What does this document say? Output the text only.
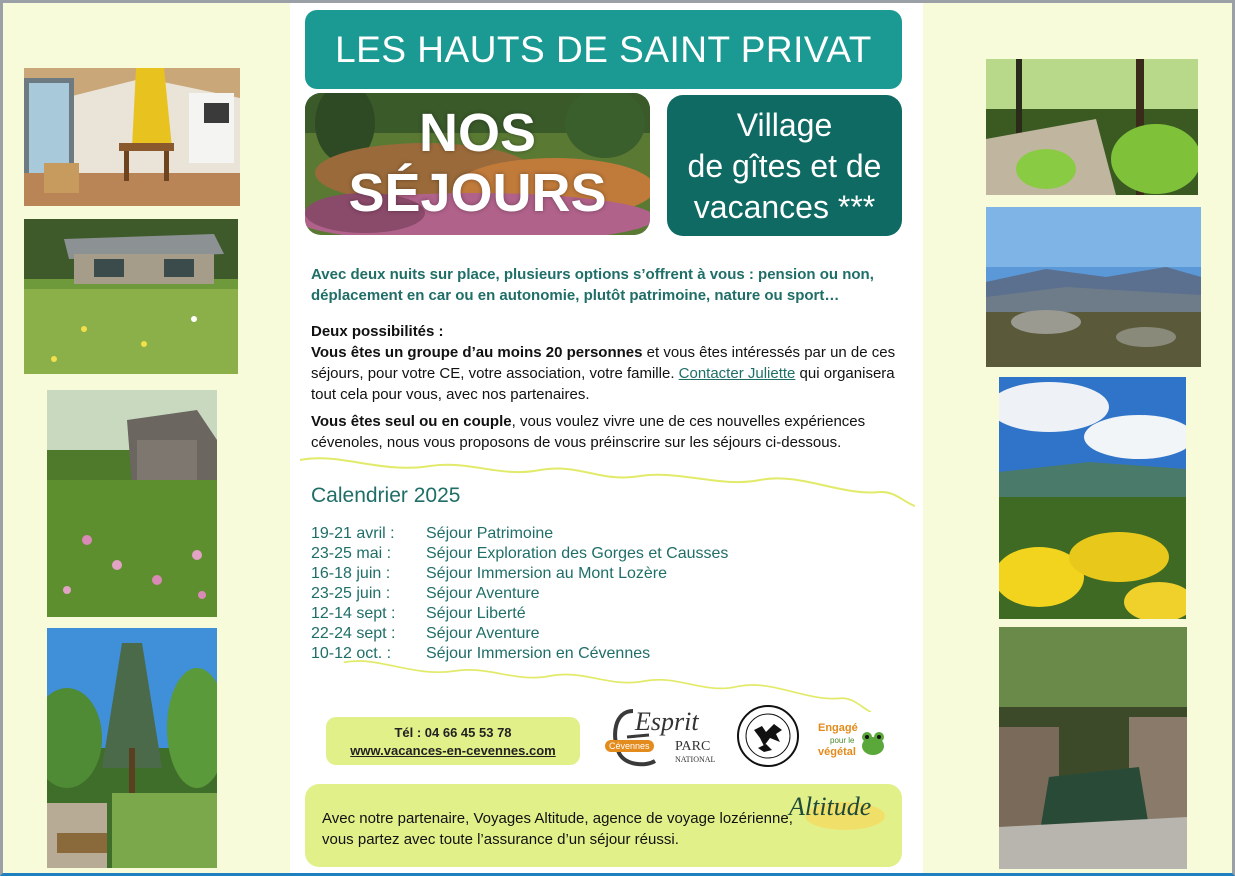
LES HAUTS DE SAINT PRIVAT
NOS
SÉJOURS
Village
de gîtes et de
vacances ***
Avec deux nuits sur place, plusieurs options s’offrent à vous : pension ou non, déplacement en car ou en autonomie, plutôt patrimoine, nature ou sport…
Deux possibilités :
Vous êtes un groupe d’au moins 20 personnes et vous êtes intéressés par un de ces séjours, pour votre CE, votre association, votre famille. Contacter Juliette qui organisera tout cela pour vous, avec nos partenaires.
Vous êtes seul ou en couple, vous voulez vivre une de ces nouvelles expériences cévenoles, nous vous proposons de vous préinscrire sur les séjours ci-dessous.
Calendrier 2025
19-21 avril :	Séjour Patrimoine
23-25 mai :	Séjour Exploration des Gorges et Causses
16-18 juin :	Séjour Immersion au Mont Lozère
23-25 juin :	Séjour Aventure
12-14 sept :	Séjour Liberté
22-24 sept :	Séjour Aventure
10-12 oct. :	Séjour Immersion en Cévennes
Tél : 04 66 45 53 78
www.vacances-en-cevennes.com
Esprit
PARC
NATIONAL
Cévennes
Engagé
pour le
végétal
Avec notre partenaire, Voyages Altitude, agence de voyage lozérienne, vous partez avec toute l’assurance d’un séjour réussi.
Altitude
